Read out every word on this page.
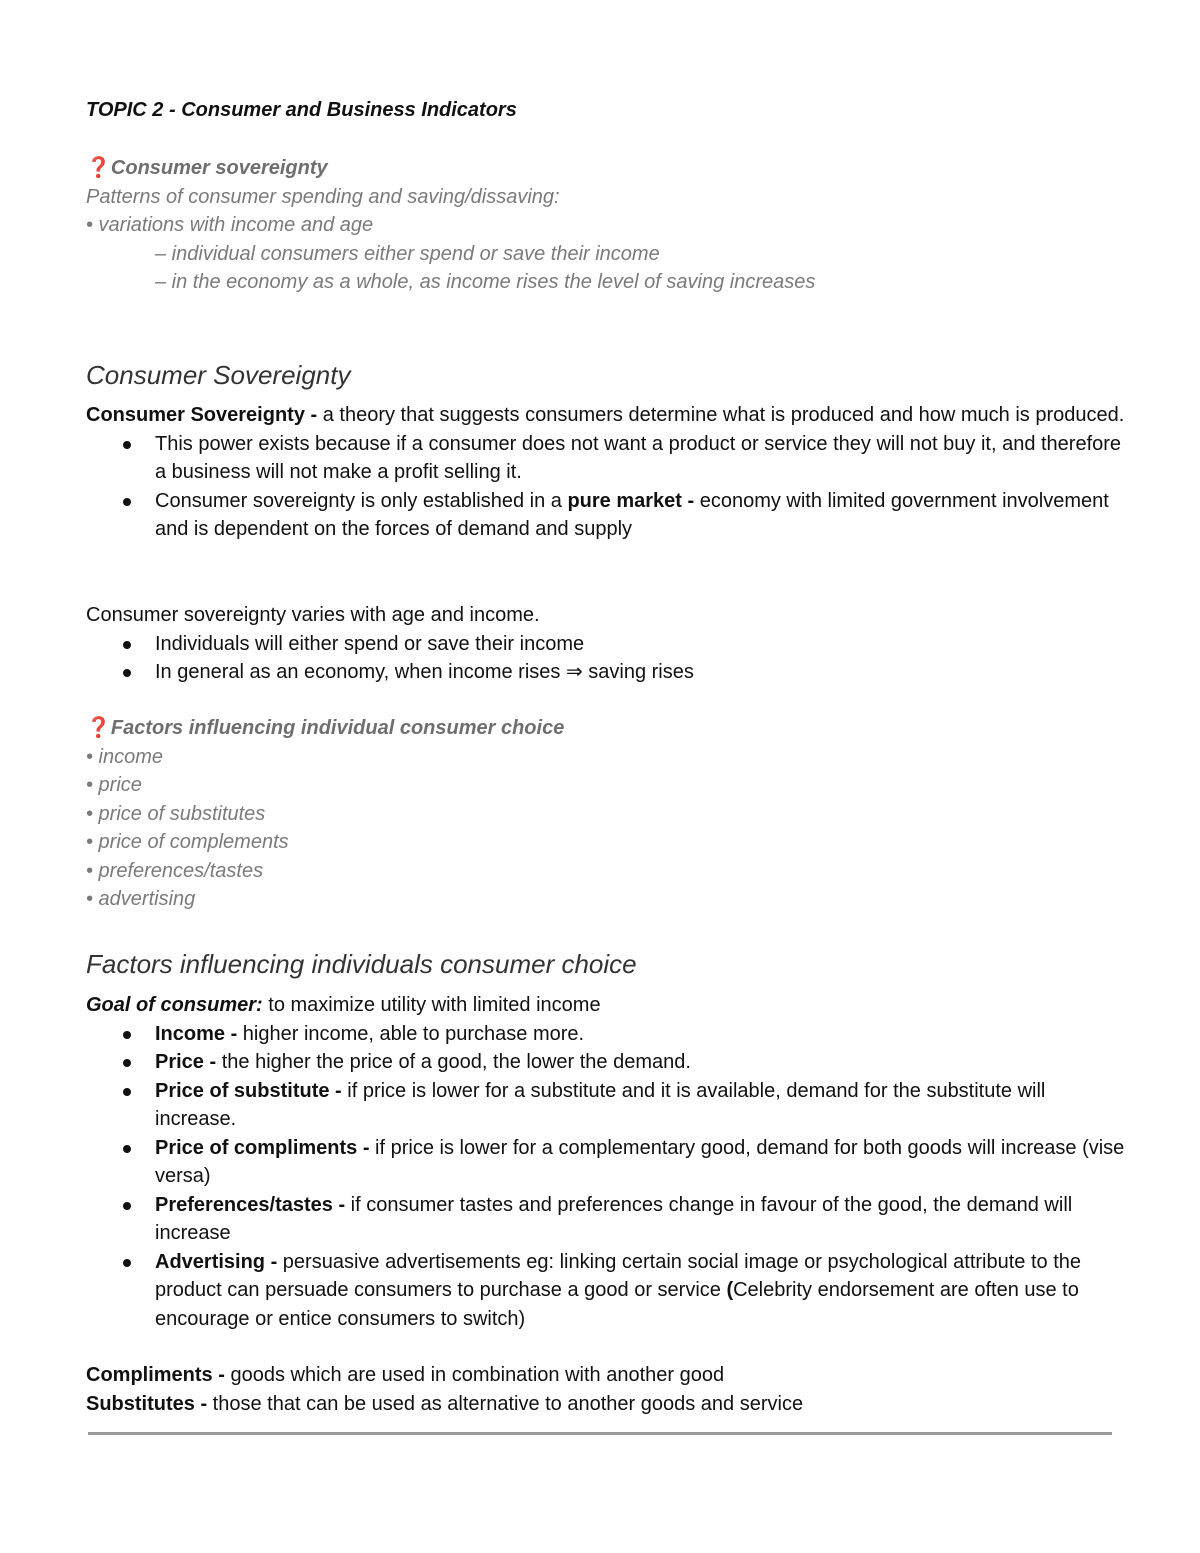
TOPIC 2 - Consumer and Business Indicators
❓Consumer sovereignty
Patterns of consumer spending and saving/dissaving:
• variations with income and age
– individual consumers either spend or save their income
– in the economy as a whole, as income rises the level of saving increases
Consumer Sovereignty
Consumer Sovereignty - a theory that suggests consumers determine what is produced and how much is produced.
This power exists because if a consumer does not want a product or service they will not buy it, and therefore a business will not make a profit selling it.
Consumer sovereignty is only established in a pure market - economy with limited government involvement and is dependent on the forces of demand and supply
Consumer sovereignty varies with age and income.
Individuals will either spend or save their income
In general as an economy, when income rises ⇒ saving rises
❓Factors influencing individual consumer choice
• income
• price
• price of substitutes
• price of complements
• preferences/tastes
• advertising
Factors influencing individuals consumer choice
Goal of consumer: to maximize utility with limited income
Income - higher income, able to purchase more.
Price - the higher the price of a good, the lower the demand.
Price of substitute - if price is lower for a substitute and it is available, demand for the substitute will increase.
Price of compliments - if price is lower for a complementary good, demand for both goods will increase (vise versa)
Preferences/tastes - if consumer tastes and preferences change in favour of the good, the demand will increase
Advertising - persuasive advertisements eg: linking certain social image or psychological attribute to the product can persuade consumers to purchase a good or service (Celebrity endorsement are often use to encourage or entice consumers to switch)
Compliments - goods which are used in combination with another good
Substitutes - those that can be used as alternative to another goods and service
